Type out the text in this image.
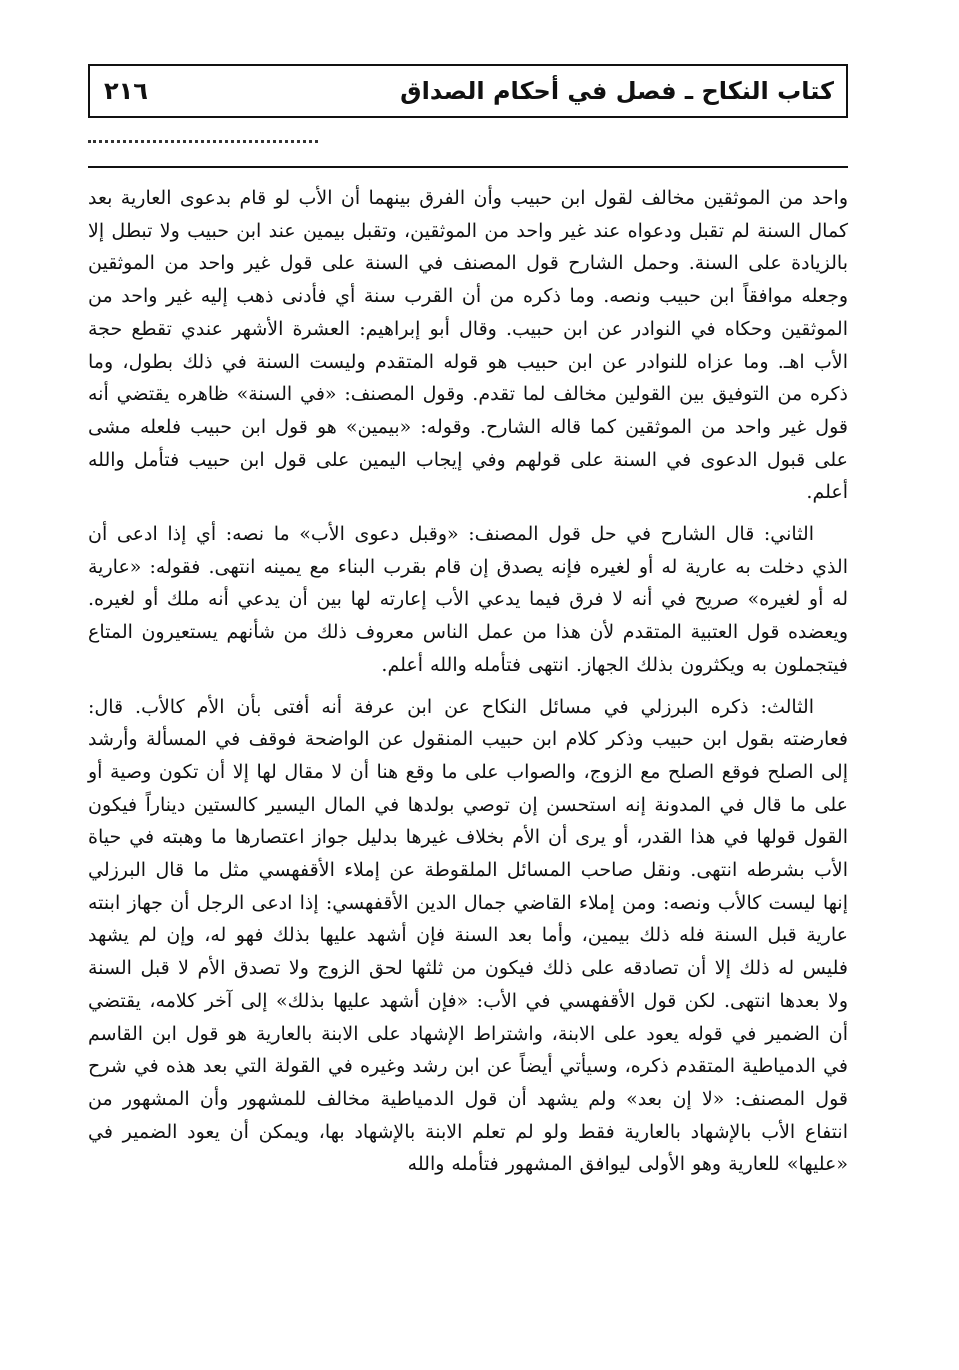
كتاب النكاح ـ فصل في أحكام الصداق
٢١٦

واحد من الموثقين مخالف لقول ابن حبيب وأن الفرق بينهما أن الأب لو قام بدعوى العارية بعد كمال السنة لم تقبل ودعواه عند غير واحد من الموثقين، وتقبل بيمين عند ابن حبيب ولا تبطل إلا بالزيادة على السنة. وحمل الشارح قول المصنف في السنة على قول غير واحد من الموثقين وجعله موافقاً ابن حبيب ونصه. وما ذكره من أن القرب سنة أي فأدنى ذهب إليه غير واحد من الموثقين وحكاه في النوادر عن ابن حبيب. وقال أبو إبراهيم: العشرة الأشهر عندي تقطع حجة الأب اهـ. وما عزاه للنوادر عن ابن حبيب هو قوله المتقدم وليست السنة في ذلك بطول، وما ذكره من التوفيق بين القولين مخالف لما تقدم. وقول المصنف: «في السنة» ظاهره يقتضي أنه قول غير واحد من الموثقين كما قاله الشارح. وقوله: «بيمين» هو قول ابن حبيب فلعله مشى على قبول الدعوى في السنة على قولهم وفي إيجاب اليمين على قول ابن حبيب فتأمل والله أعلم.

الثاني: قال الشارح في حل قول المصنف: «وقبل دعوى الأب» ما نصه: أي إذا ادعى أن الذي دخلت به عارية له أو لغيره فإنه يصدق إن قام بقرب البناء مع يمينه انتهى. فقوله: «عارية له أو لغيره» صريح في أنه لا فرق فيما يدعي الأب إعارته لها بين أن يدعي أنه ملك أو لغيره. ويعضده قول العتبية المتقدم لأن هذا من عمل الناس معروف ذلك من شأنهم يستعيرون المتاع فيتجملون به ويكثرون بذلك الجهاز. انتهى فتأمله والله أعلم.

الثالث: ذكره البرزلي في مسائل النكاح عن ابن عرفة أنه أفتى بأن الأم كالأب. قال: فعارضته بقول ابن حبيب وذكر كلام ابن حبيب المنقول عن الواضحة فوقف في المسألة وأرشد إلى الصلح فوقع الصلح مع الزوج، والصواب على ما وقع هنا أن لا مقال لها إلا أن تكون وصية أو على ما قال في المدونة إنه استحسن إن توصي بولدها في المال اليسير كالستين ديناراً فيكون القول قولها في هذا القدر، أو يرى أن الأم بخلاف غيرها بدليل جواز اعتصارها ما وهبته في حياة الأب بشرطه انتهى. ونقل صاحب المسائل الملقوطة عن إملاء الأقفهسي مثل ما قال البرزلي إنها ليست كالأب ونصه: ومن إملاء القاضي جمال الدين الأقفهسي: إذا ادعى الرجل أن جهاز ابنته عارية قبل السنة فله ذلك بيمين، وأما بعد السنة فإن أشهد عليها بذلك فهو له، وإن لم يشهد فليس له ذلك إلا أن تصادقه على ذلك فيكون من ثلثها لحق الزوج ولا تصدق الأم لا قبل السنة ولا بعدها انتهى. لكن قول الأقفهسي في الأب: «فإن أشهد عليها بذلك» إلى آخر كلامه، يقتضي أن الضمير في قوله يعود على الابنة، واشتراط الإشهاد على الابنة بالعارية هو قول ابن القاسم في الدمياطية المتقدم ذكره، وسيأتي أيضاً عن ابن رشد وغيره في القولة التي بعد هذه في شرح قول المصنف: «لا إن بعد» ولم يشهد أن قول الدمياطية مخالف للمشهور وأن المشهور من انتفاع الأب بالإشهاد بالعارية فقط ولو لم تعلم الابنة بالإشهاد بها، ويمكن أن يعود الضمير في «عليها» للعارية وهو الأولى ليوافق المشهور فتأمله والله
